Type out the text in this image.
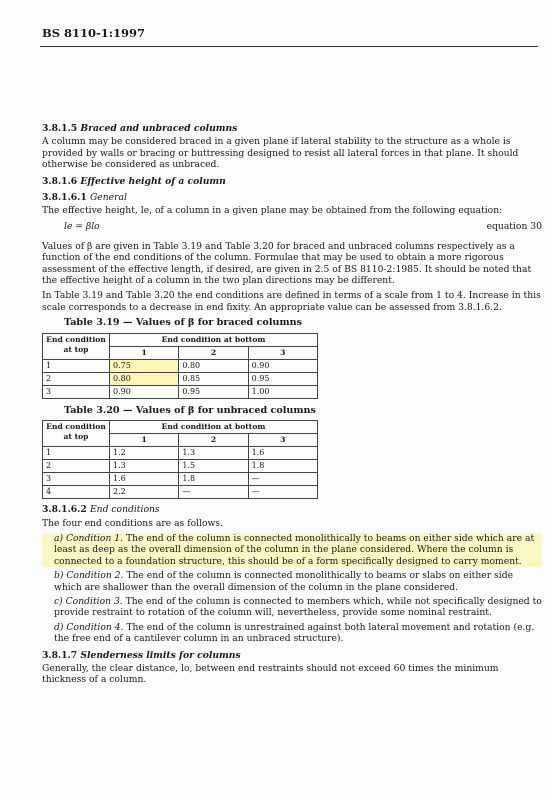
BS 8110-1:1997
3.8.1.5 Braced and unbraced columns

A column may be considered braced in a given plane if lateral stability to the structure as a whole is provided by walls or bracing or buttressing designed to resist all lateral forces in that plane. It should otherwise be considered as unbraced.

3.8.1.6 Effective height of a column
3.8.1.6.1 General

The effective height, le, of a column in a given plane may be obtained from the following equation:

le = βlo	equation 30

Values of β are given in Table 3.19 and Table 3.20 for braced and unbraced columns respectively as a function of the end conditions of the column. Formulae that may be used to obtain a more rigorous assessment of the effective length, if desired, are given in 2.5 of BS 8110-2:1985. It should be noted that the effective height of a column in the two plan directions may be different.

In Table 3.19 and Table 3.20 the end conditions are defined in terms of a scale from 1 to 4. Increase in this scale corresponds to a decrease in end fixity. An appropriate value can be assessed from 3.8.1.6.2.

Table 3.19 — Values of β for braced columns
End condition at top	End condition at bottom		
	1	2	3
1	0.75	0.80	0.90
2	0.80	0.85	0.95
3	0.90	0.95	1.00
Table 3.20 — Values of β for unbraced columns
End condition at top	End condition at bottom		
	1	2	3
1	1.2	1.3	1.6
2	1.3	1.5	1.8
3	1.6	1.8	—
4	2.2	—	—
3.8.1.6.2 End conditions

The four end conditions are as follows.

a) Condition 1. The end of the column is connected monolithically to beams on either side which are at least as deep as the overall dimension of the column in the plane considered. Where the column is connected to a foundation structure, this should be of a form specifically designed to carry moment.
b) Condition 2. The end of the column is connected monolithically to beams or slabs on either side which are shallower than the overall dimension of the column in the plane considered.
c) Condition 3. The end of the column is connected to members which, while not specifically designed to provide restraint to rotation of the column will, nevertheless, provide some nominal restraint.
d) Condition 4. The end of the column is unrestrained against both lateral movement and rotation (e.g. the free end of a cantilever column in an unbraced structure).
3.8.1.7 Slenderness limits for columns

Generally, the clear distance, lo, between end restraints should not exceed 60 times the minimum thickness of a column.
